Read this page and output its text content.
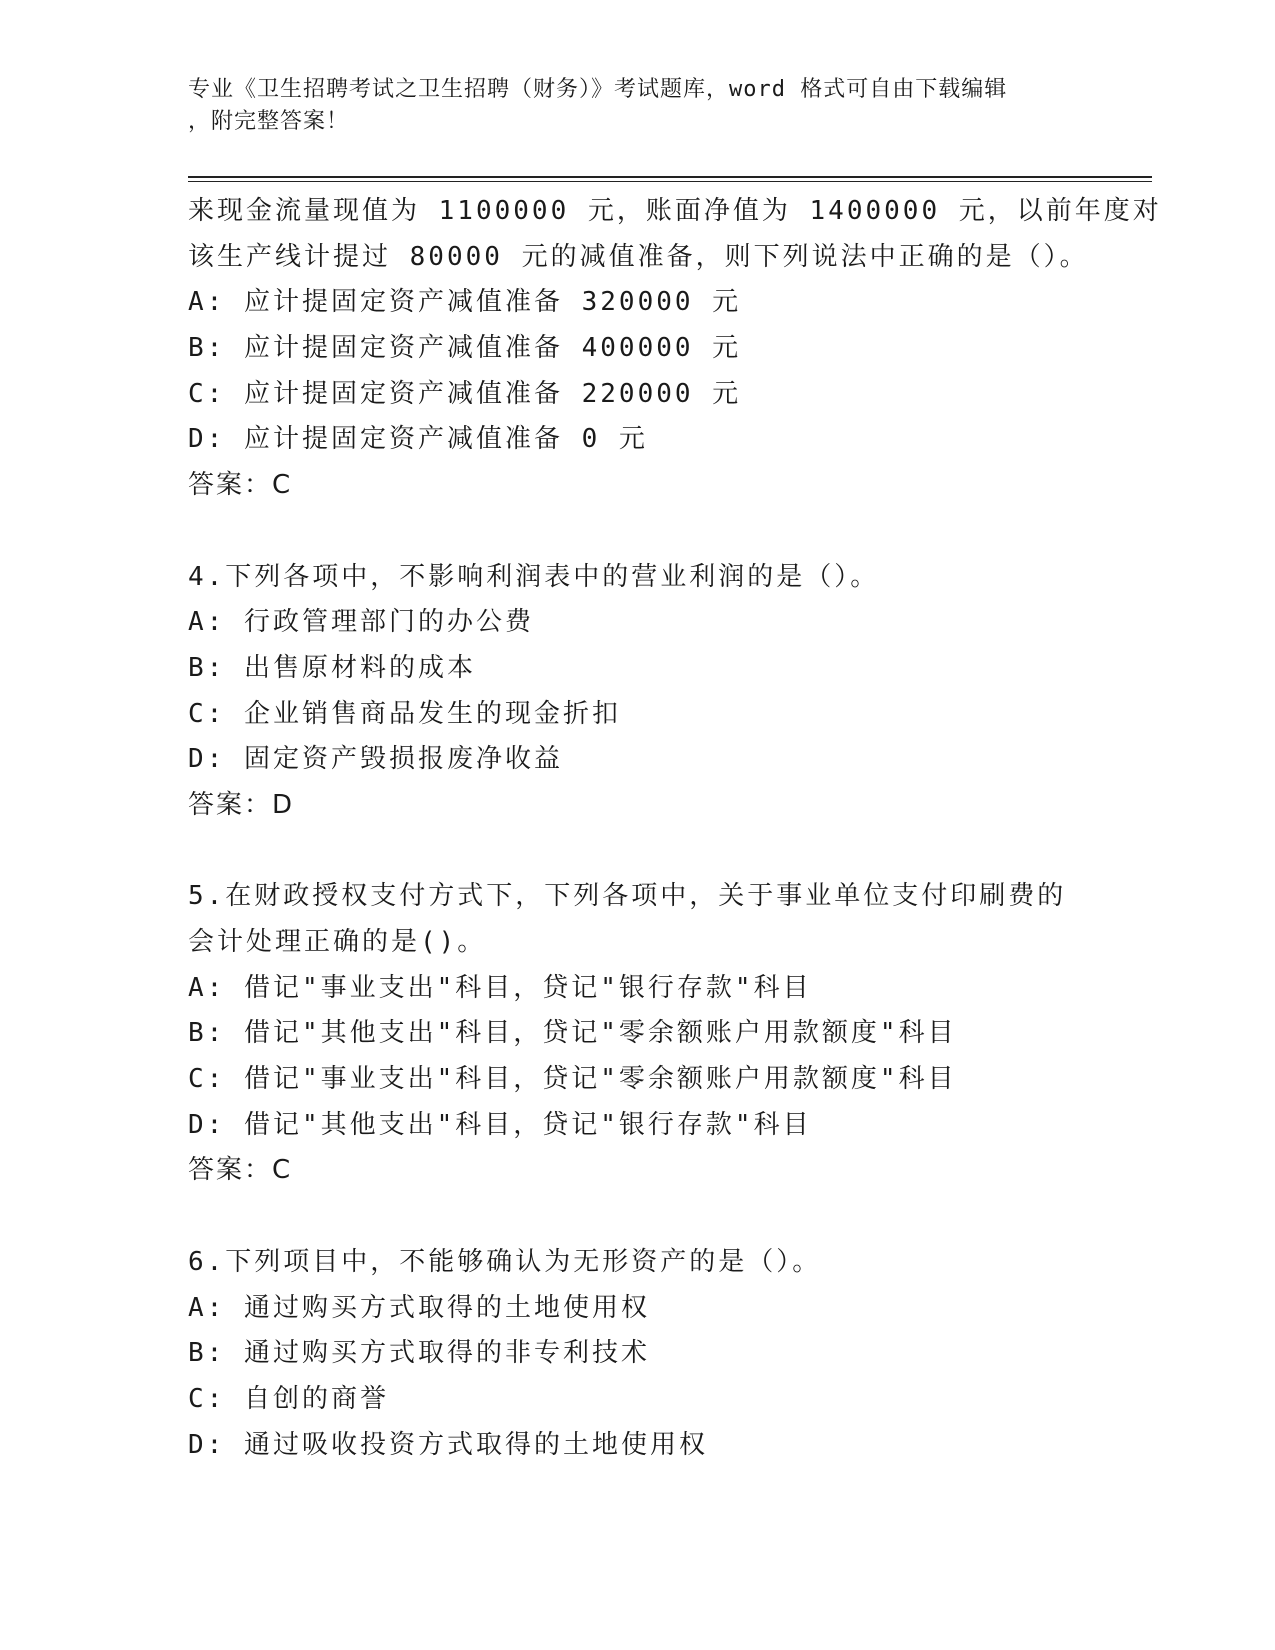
专业《卫生招聘考试之卫生招聘（财务）》考试题库，word 格式可自由下载编辑
，附完整答案！
来现金流量现值为 1100000 元，账面净值为 1400000 元，以前年度对
该生产线计提过 80000 元的减值准备，则下列说法中正确的是（）。
A: 应计提固定资产减值准备 320000 元
B: 应计提固定资产减值准备 400000 元
C: 应计提固定资产减值准备 220000 元
D: 应计提固定资产减值准备 0 元
答案：C
4.下列各项中，不影响利润表中的营业利润的是（）。
A: 行政管理部门的办公费
B: 出售原材料的成本
C: 企业销售商品发生的现金折扣
D: 固定资产毁损报废净收益
答案：D
5.在财政授权支付方式下，下列各项中，关于事业单位支付印刷费的
会计处理正确的是()。
A: 借记"事业支出"科目，贷记"银行存款"科目
B: 借记"其他支出"科目，贷记"零余额账户用款额度"科目
C: 借记"事业支出"科目，贷记"零余额账户用款额度"科目
D: 借记"其他支出"科目，贷记"银行存款"科目
答案：C
6.下列项目中，不能够确认为无形资产的是（）。
A: 通过购买方式取得的土地使用权
B: 通过购买方式取得的非专利技术
C: 自创的商誉
D: 通过吸收投资方式取得的土地使用权
